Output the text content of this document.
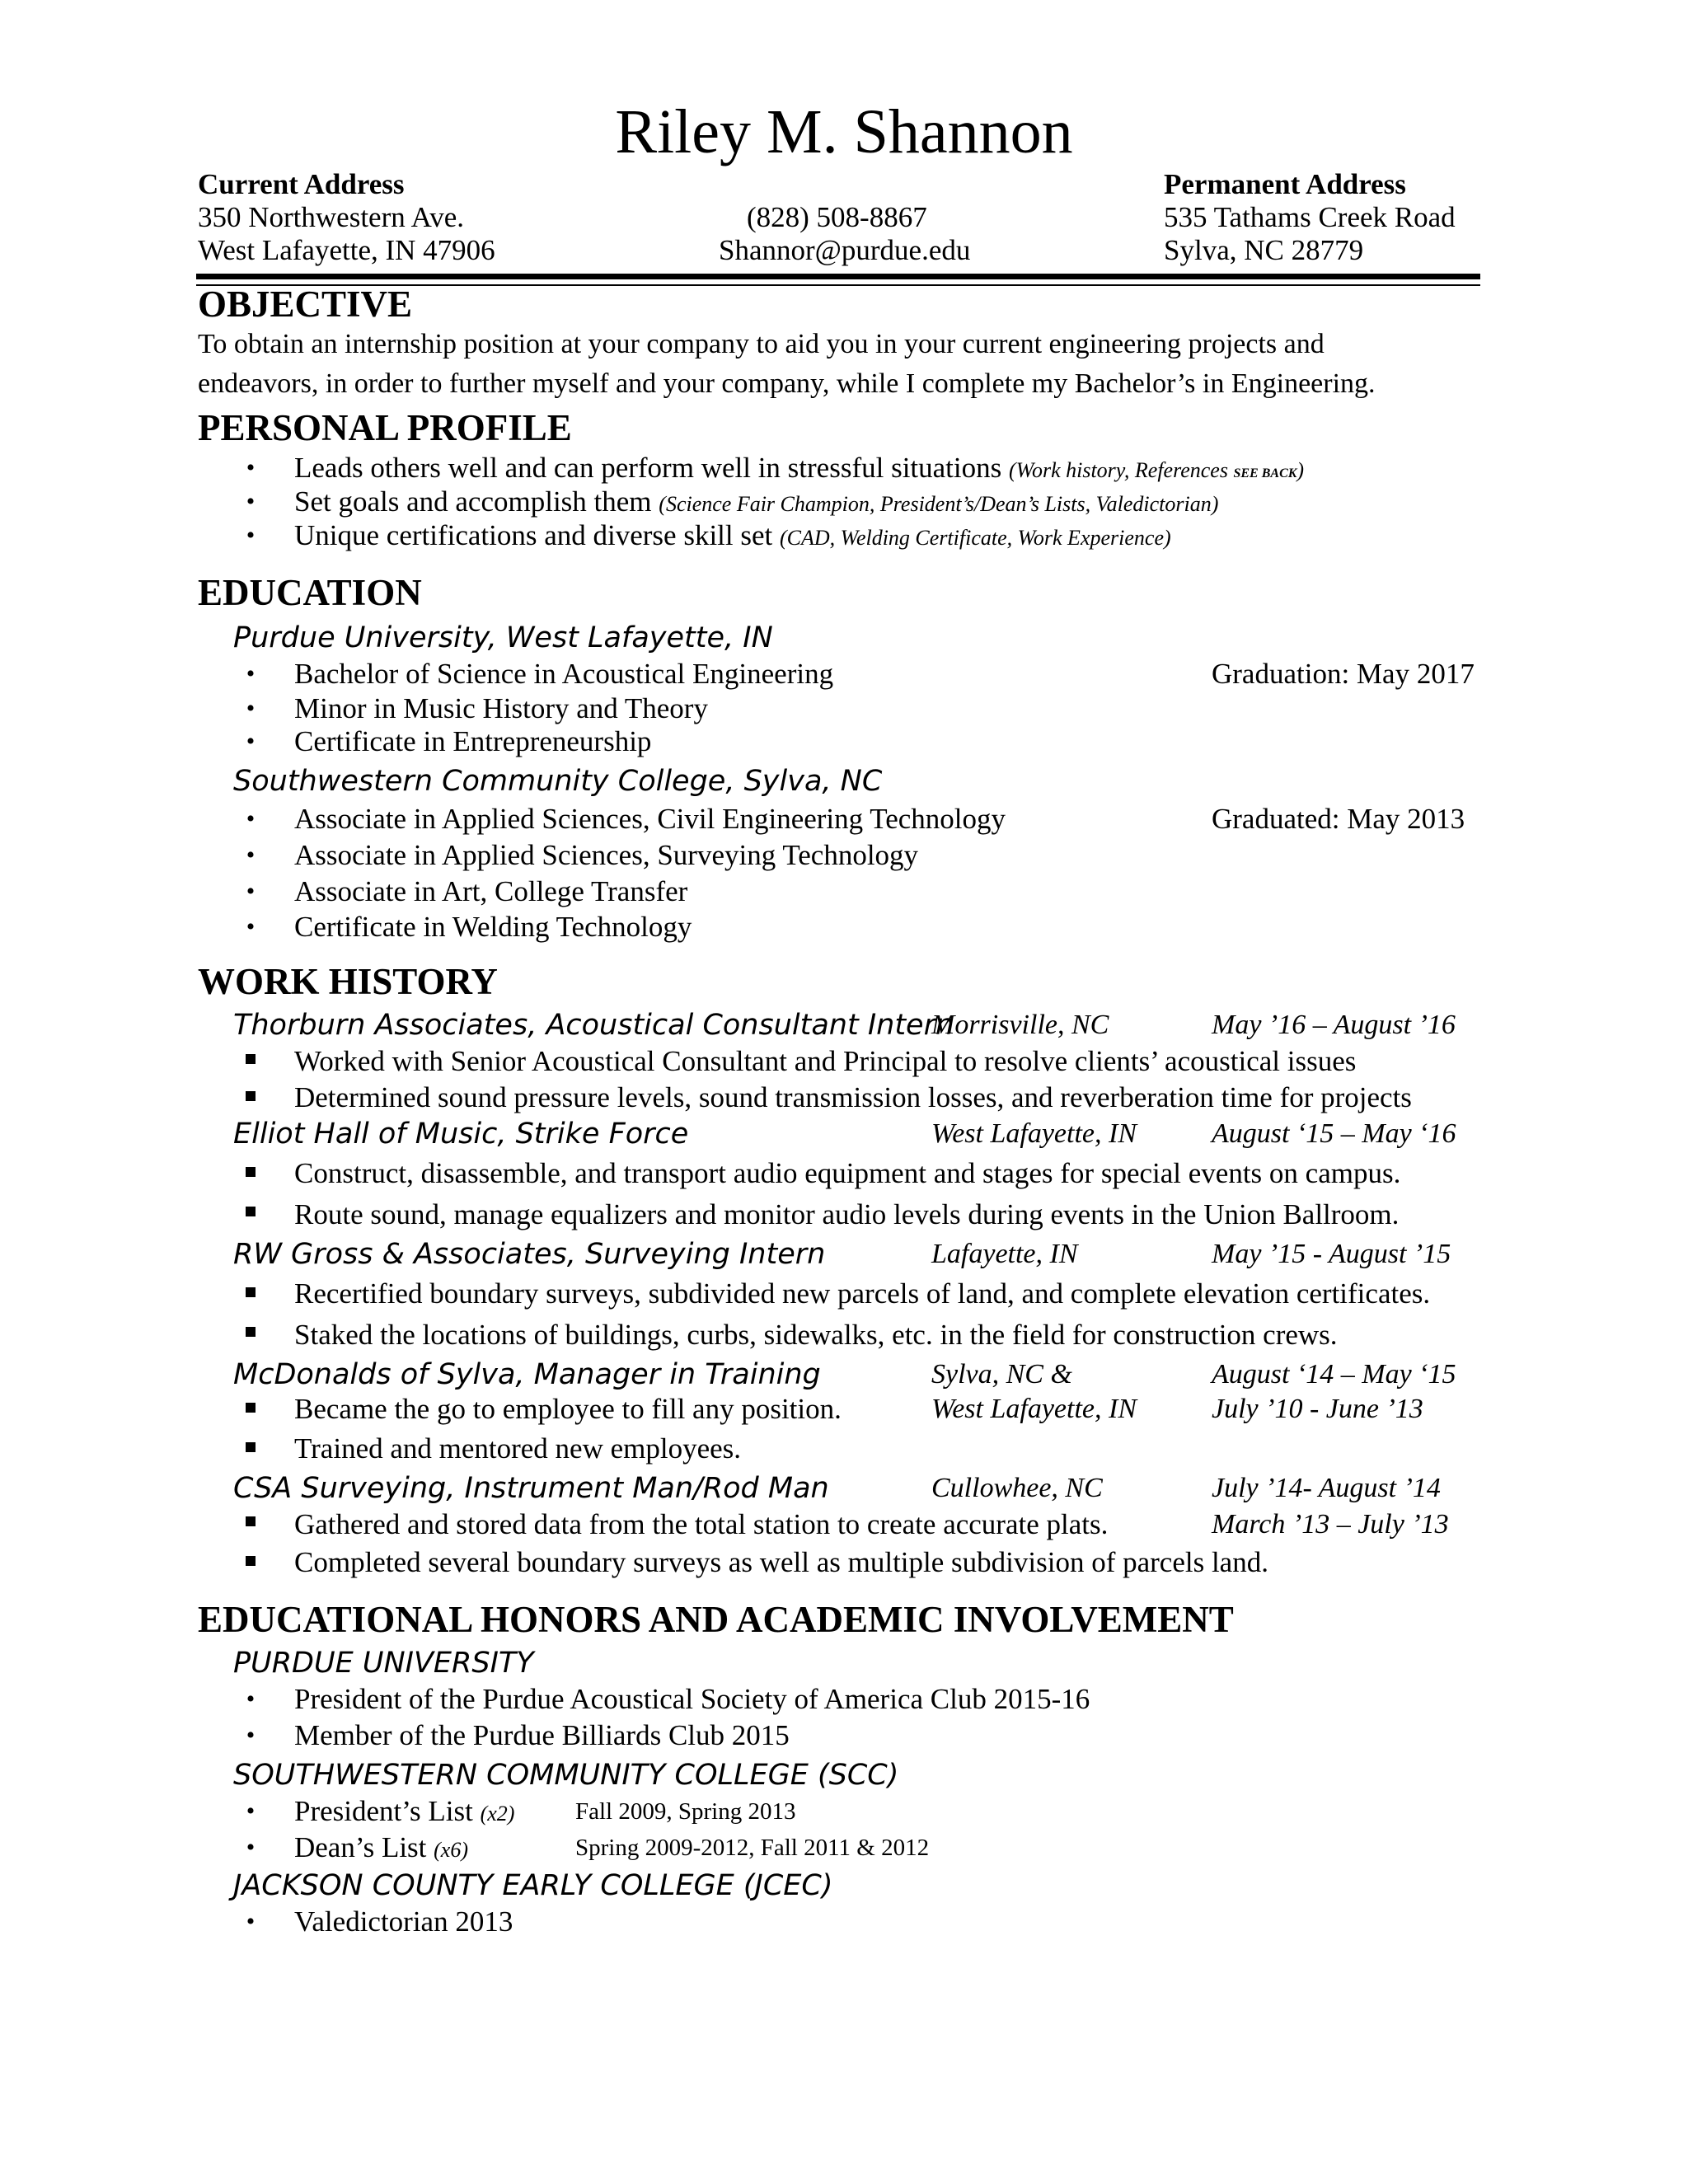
Riley M. Shannon
Current Address
350 Northwestern Ave.
West Lafayette, IN 47906
(828) 508-8867
Shannor@purdue.edu
Permanent Address
535 Tathams Creek Road
Sylva, NC 28779
OBJECTIVE
To obtain an internship position at your company to aid you in your current engineering projects and
endeavors, in order to further myself and your company, while I complete my Bachelor’s in Engineering.
PERSONAL PROFILE
• Leads others well and can perform well in stressful situations (Work history, References SEE BACK)
• Set goals and accomplish them (Science Fair Champion, President’s/Dean’s Lists, Valedictorian)
• Unique certifications and diverse skill set (CAD, Welding Certificate, Work Experience)
EDUCATION
Purdue University, West Lafayette, IN
• Bachelor of Science in Acoustical Engineering	Graduation: May 2017
• Minor in Music History and Theory
• Certificate in Entrepreneurship
Southwestern Community College, Sylva, NC
• Associate in Applied Sciences, Civil Engineering Technology	Graduated: May 2013
• Associate in Applied Sciences, Surveying Technology
• Associate in Art, College Transfer
• Certificate in Welding Technology
WORK HISTORY
Thorburn Associates, Acoustical Consultant Intern
Morrisville, NC	May ’16 – August ’16
Worked with Senior Acoustical Consultant and Principal to resolve clients’ acoustical issues
Determined sound pressure levels, sound transmission losses, and reverberation time for projects
Elliot Hall of Music, Strike Force	West Lafayette, IN	August ‘15 – May ‘16
Construct, disassemble, and transport audio equipment and stages for special events on campus.
Route sound, manage equalizers and monitor audio levels during events in the Union Ballroom.
RW Gross & Associates, Surveying Intern	Lafayette, IN	May ’15 - August ’15
Recertified boundary surveys, subdivided new parcels of land, and complete elevation certificates.
Staked the locations of buildings, curbs, sidewalks, etc. in the field for construction crews.
McDonalds of Sylva, Manager in Training	Sylva, NC &	August ‘14 – May ‘15
Became the go to employee to fill any position.	West Lafayette, IN	July ’10 - June ’13
Trained and mentored new employees.
CSA Surveying, Instrument Man/Rod Man	Cullowhee, NC	July ’14- August ’14
Gathered and stored data from the total station to create accurate plats.	March ’13 – July ’13
Completed several boundary surveys as well as multiple subdivision of parcels land.
EDUCATIONAL HONORS AND ACADEMIC INVOLVEMENT
PURDUE UNIVERSITY
• President of the Purdue Acoustical Society of America Club 2015-16
• Member of the Purdue Billiards Club 2015
SOUTHWESTERN COMMUNITY COLLEGE (SCC)
• President’s List (x2)	Fall 2009, Spring 2013
• Dean’s List (x6)	Spring 2009-2012, Fall 2011 & 2012
JACKSON COUNTY EARLY COLLEGE (JCEC)
• Valedictorian 2013
